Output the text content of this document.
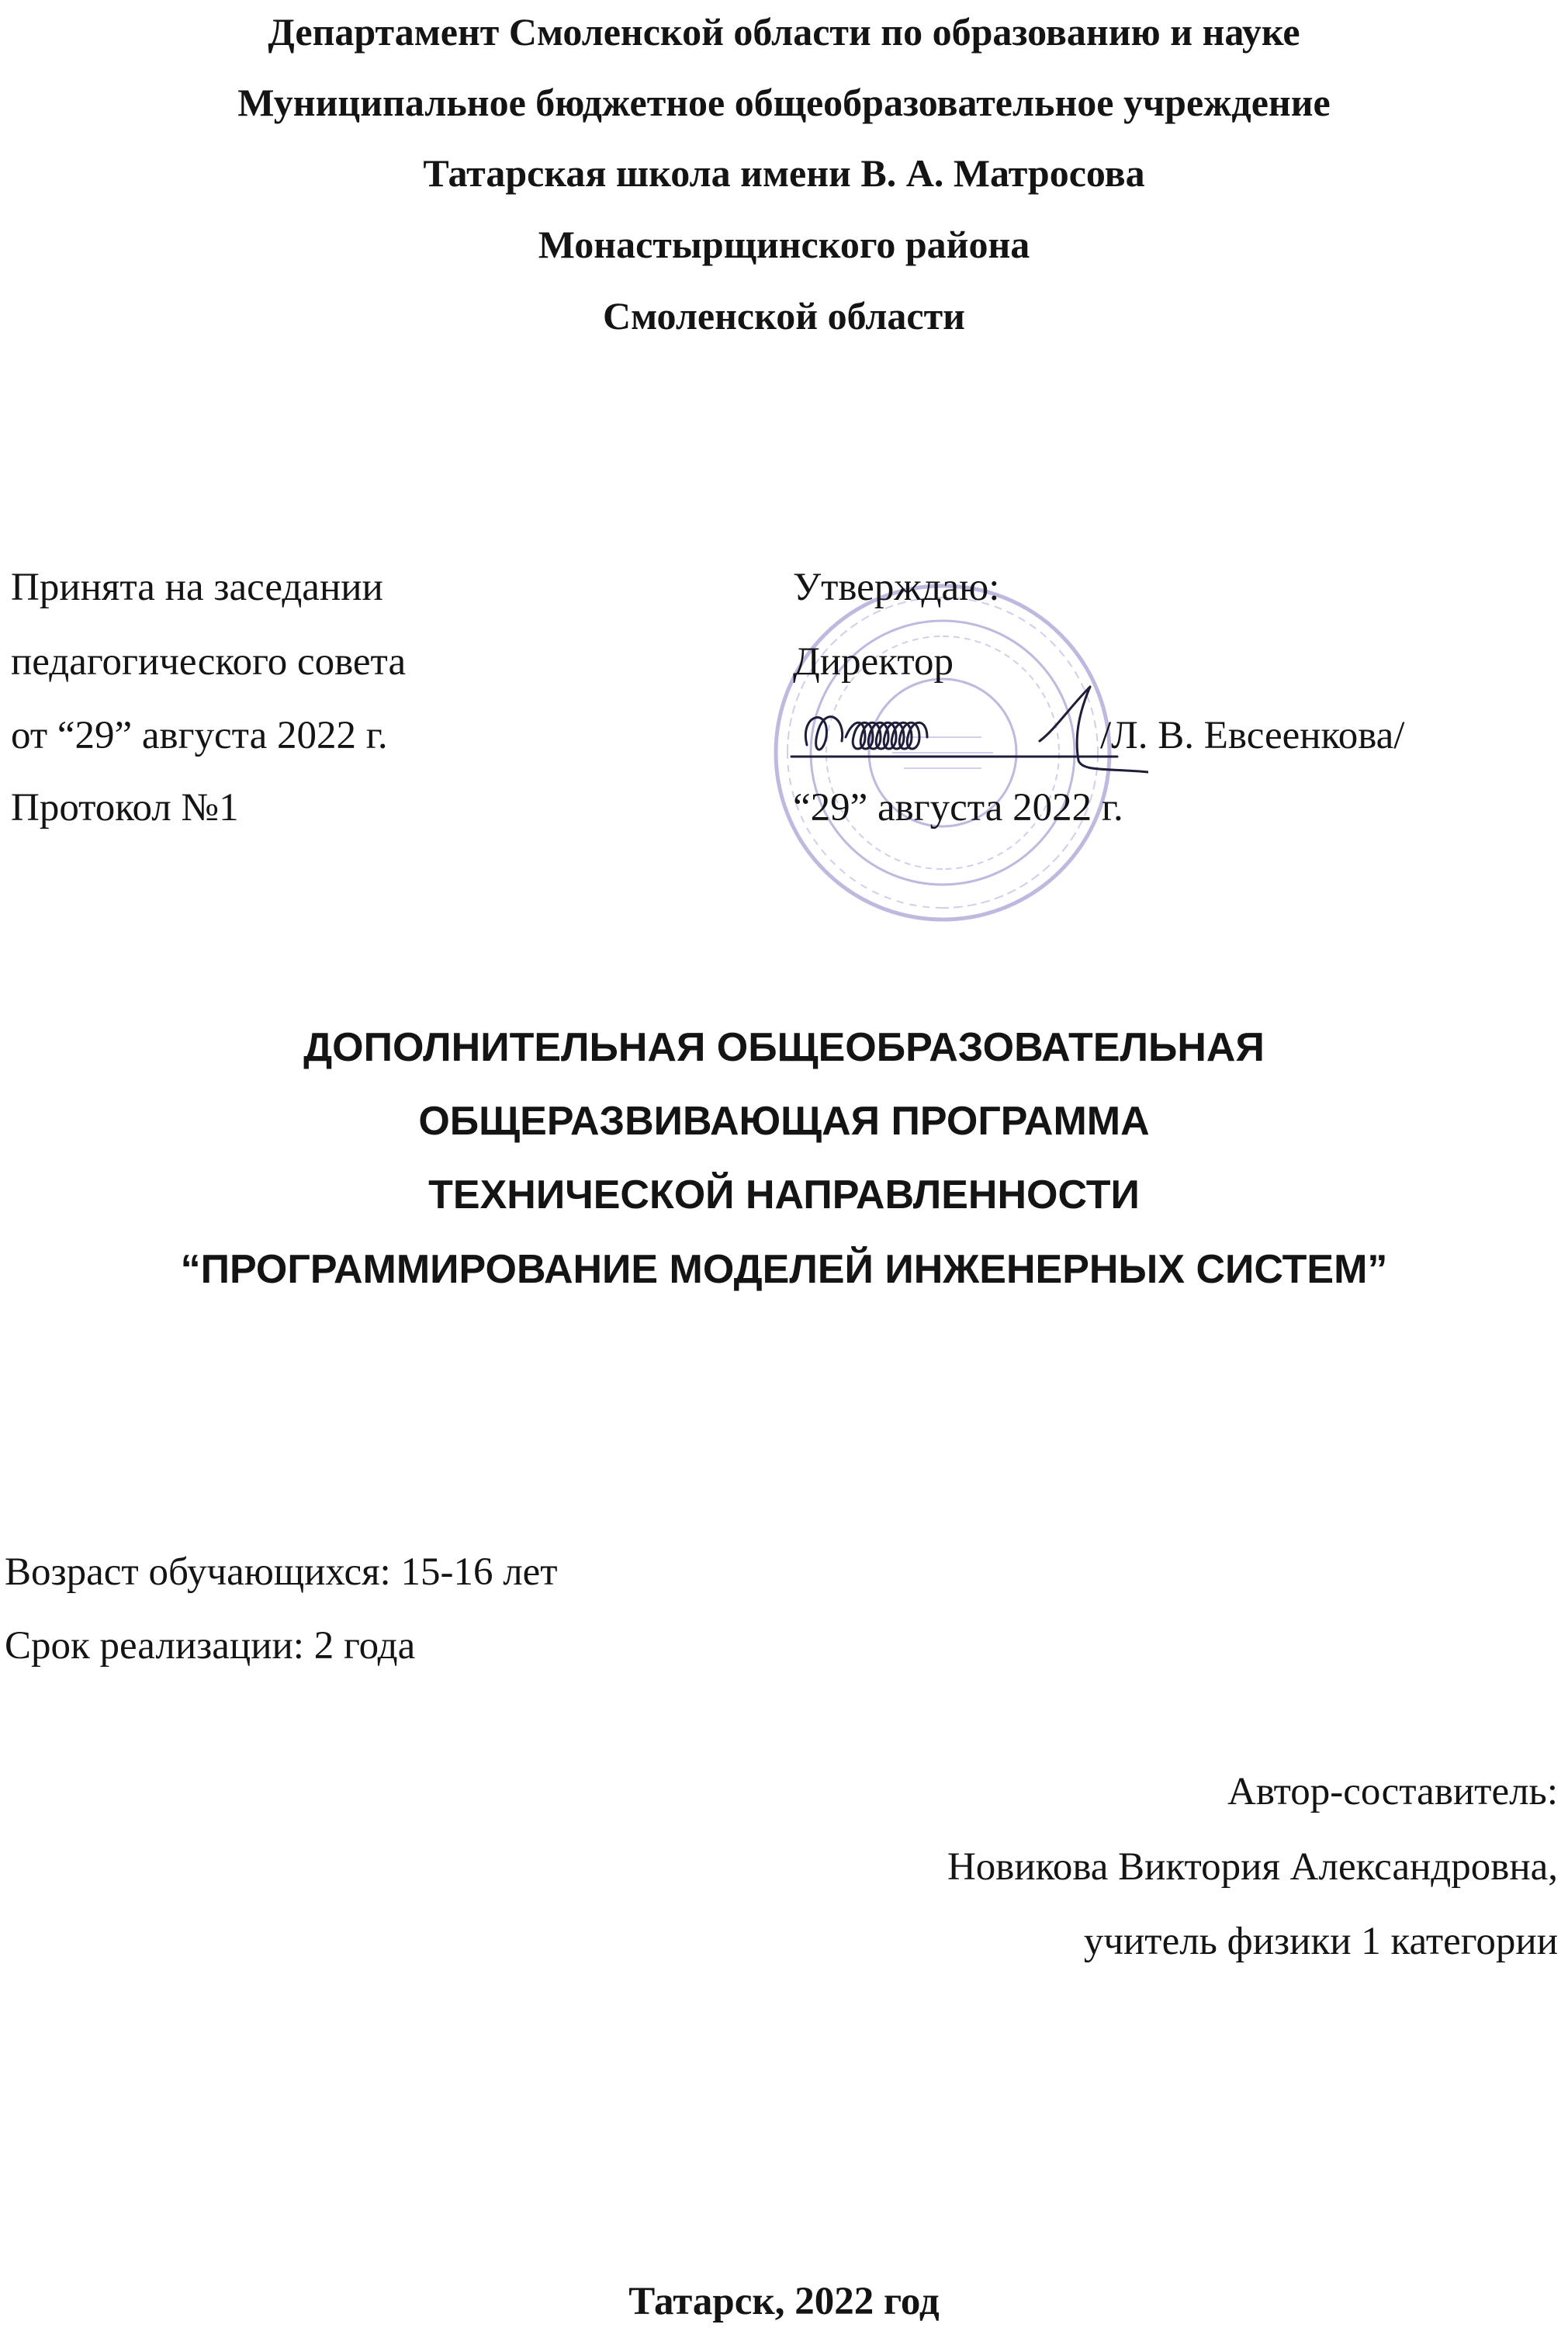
Департамент Смоленской области по образованию и науке
Муниципальное бюджетное общеобразовательное учреждение
Татарская школа имени В. А. Матросова
Монастырщинского района
Смоленской области
Принята на заседании
педагогического совета
от “29” августа 2022 г.
Протокол №1
Утверждаю:
Директор
/Л. В. Евсеенкова/
“29” августа 2022 г.
ДОПОЛНИТЕЛЬНАЯ ОБЩЕОБРАЗОВАТЕЛЬНАЯ
ОБЩЕРАЗВИВАЮЩАЯ ПРОГРАММА
ТЕХНИЧЕСКОЙ НАПРАВЛЕННОСТИ
“ПРОГРАММИРОВАНИЕ МОДЕЛЕЙ ИНЖЕНЕРНЫХ СИСТЕМ”
Возраст обучающихся: 15-16 лет
Срок реализации: 2 года
Автор-составитель:
Новикова Виктория Александровна,
учитель физики 1 категории
Татарск, 2022 год
